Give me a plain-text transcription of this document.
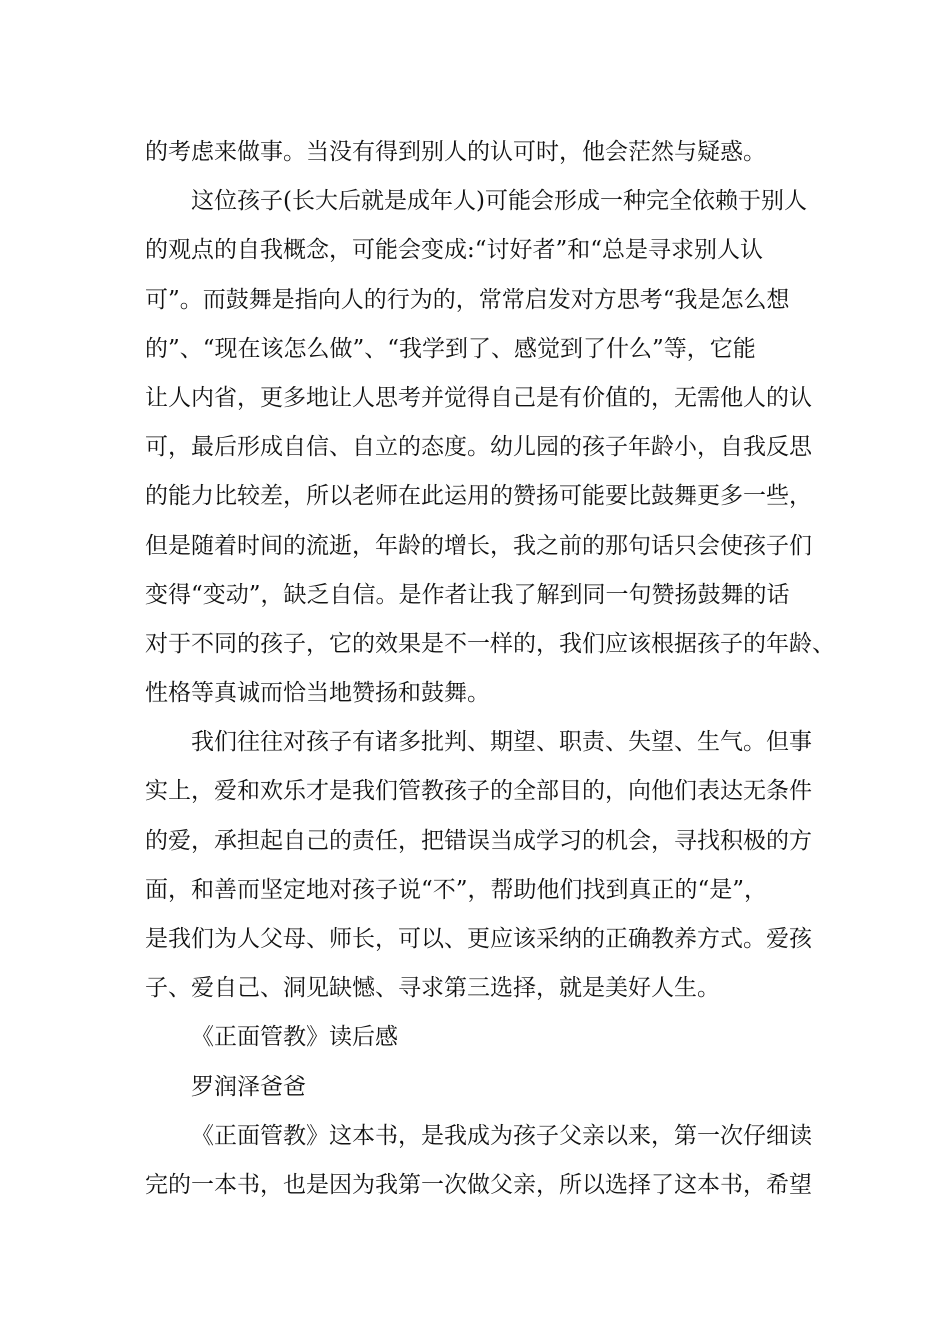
的考虑来做事。当没有得到别人的认可时，他会茫然与疑惑。
这位孩子(长大后就是成年人)可能会形成一种完全依赖于别人
的观点的自我概念，可能会变成:“讨好者”和“总是寻求别人认
可”。而鼓舞是指向人的行为的，常常启发对方思考“我是怎么想
的”、“现在该怎么做”、“我学到了、感觉到了什么”等，它能
让人内省，更多地让人思考并觉得自己是有价值的，无需他人的认
可，最后形成自信、自立的态度。幼儿园的孩子年龄小，自我反思
的能力比较差，所以老师在此运用的赞扬可能要比鼓舞更多一些，
但是随着时间的流逝，年龄的增长，我之前的那句话只会使孩子们
变得“变动”，缺乏自信。是作者让我了解到同一句赞扬鼓舞的话
对于不同的孩子，它的效果是不一样的，我们应该根据孩子的年龄、
性格等真诚而恰当地赞扬和鼓舞。
我们往往对孩子有诸多批判、期望、职责、失望、生气。但事
实上，爱和欢乐才是我们管教孩子的全部目的，向他们表达无条件
的爱，承担起自己的责任，把错误当成学习的机会，寻找积极的方
面，和善而坚定地对孩子说“不”，帮助他们找到真正的“是”，
是我们为人父母、师长，可以、更应该采纳的正确教养方式。爱孩
子、爱自己、洞见缺憾、寻求第三选择，就是美好人生。
《正面管教》读后感
罗润泽爸爸
《正面管教》这本书，是我成为孩子父亲以来，第一次仔细读
完的一本书，也是因为我第一次做父亲，所以选择了这本书，希望
